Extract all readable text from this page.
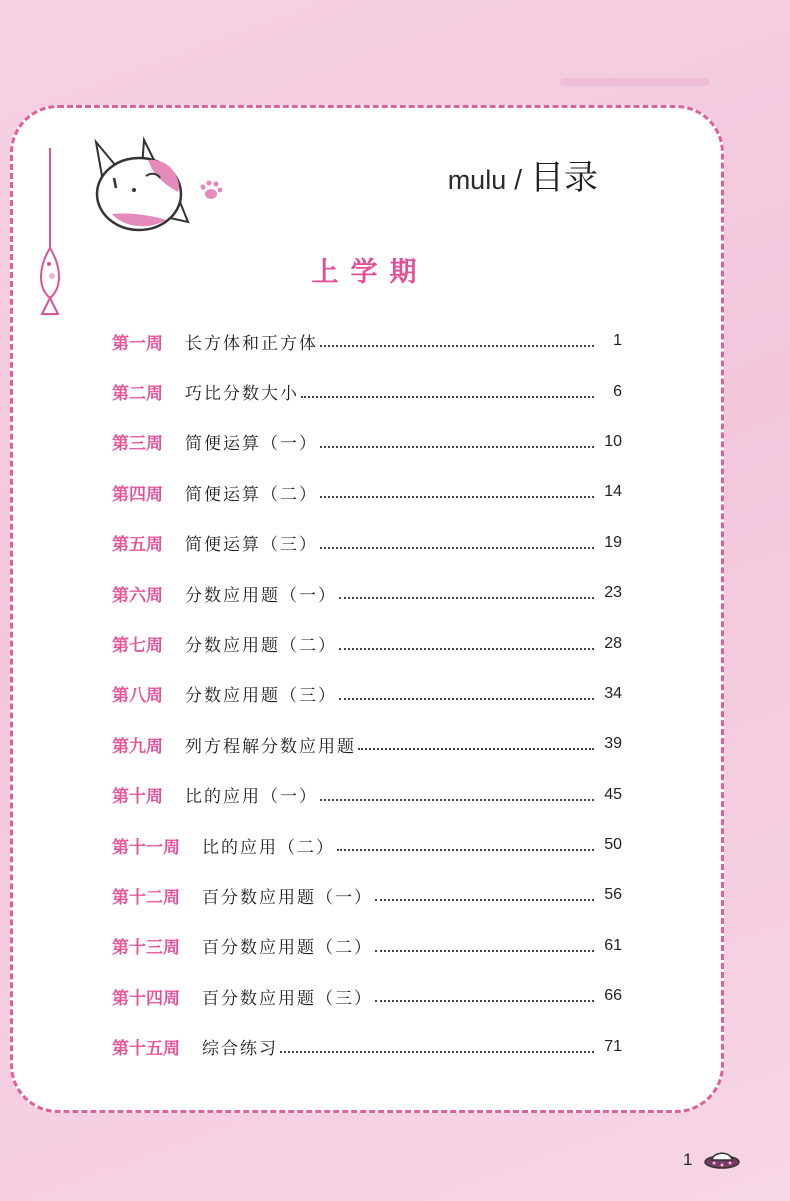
mulu / 目录
上学期
第一周 长方体和正方体	1
第二周 巧比分数大小	6
第三周 简便运算（一）	10
第四周 简便运算（二）	14
第五周 简便运算（三）	19
第六周 分数应用题（一）	23
第七周 分数应用题（二）	28
第八周 分数应用题（三）	34
第九周 列方程解分数应用题	39
第十周 比的应用（一）	45
第十一周 比的应用（二）	50
第十二周 百分数应用题（一）	56
第十三周 百分数应用题（二）	61
第十四周 百分数应用题（三）	66
第十五周 综合练习	71
1
